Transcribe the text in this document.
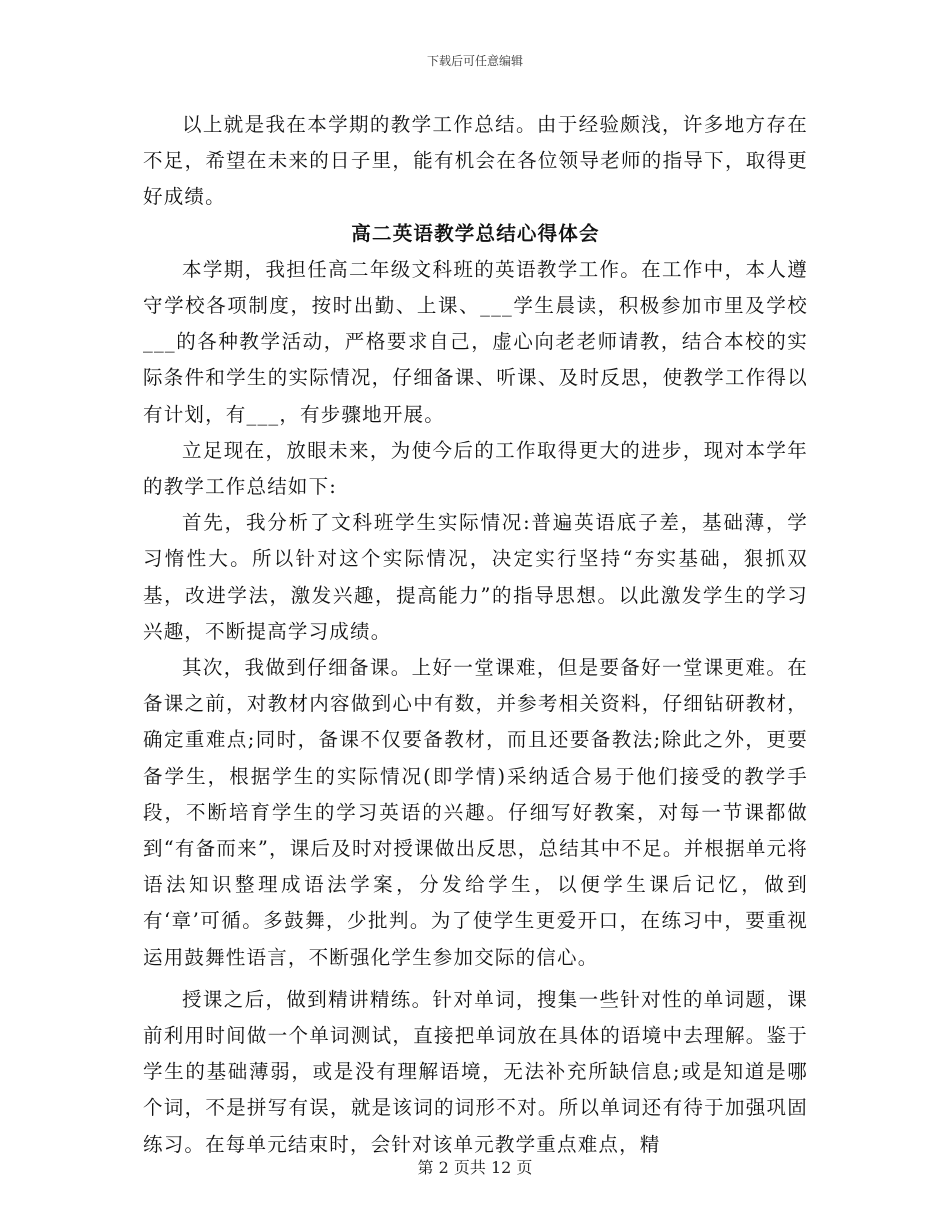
下载后可任意编辑

以上就是我在本学期的教学工作总结。由于经验颇浅，许多地方存在不足，希望在未来的日子里，能有机会在各位领导老师的指导下，取得更好成绩。

高二英语教学总结心得体会

本学期，我担任高二年级文科班的英语教学工作。在工作中，本人遵守学校各项制度，按时出勤、上课、___学生晨读，积极参加市里及学校___的各种教学活动，严格要求自己，虚心向老老师请教，结合本校的实际条件和学生的实际情况，仔细备课、听课、及时反思，使教学工作得以有计划，有___，有步骤地开展。

立足现在，放眼未来，为使今后的工作取得更大的进步，现对本学年的教学工作总结如下:

首先，我分析了文科班学生实际情况:普遍英语底子差，基础薄，学习惰性大。所以针对这个实际情况，决定实行坚持“夯实基础，狠抓双基，改进学法，激发兴趣，提高能力”的指导思想。以此激发学生的学习兴趣，不断提高学习成绩。

其次，我做到仔细备课。上好一堂课难，但是要备好一堂课更难。在备课之前，对教材内容做到心中有数，并参考相关资料，仔细钻研教材，确定重难点;同时，备课不仅要备教材，而且还要备教法;除此之外，更要备学生，根据学生的实际情况(即学情)采纳适合易于他们接受的教学手段，不断培育学生的学习英语的兴趣。仔细写好教案，对每一节课都做到“有备而来”，课后及时对授课做出反思，总结其中不足。并根据单元将语法知识整理成语法学案，分发给学生，以便学生课后记忆，做到有‘章’可循。多鼓舞，少批判。为了使学生更爱开口，在练习中，要重视运用鼓舞性语言，不断强化学生参加交际的信心。

授课之后，做到精讲精练。针对单词，搜集一些针对性的单词题，课前利用时间做一个单词测试，直接把单词放在具体的语境中去理解。鉴于学生的基础薄弱，或是没有理解语境，无法补充所缺信息;或是知道是哪个词，不是拼写有误，就是该词的词形不对。所以单词还有待于加强巩固练习。在每单元结束时，会针对该单元教学重点难点，精

第 2 页共 12 页
